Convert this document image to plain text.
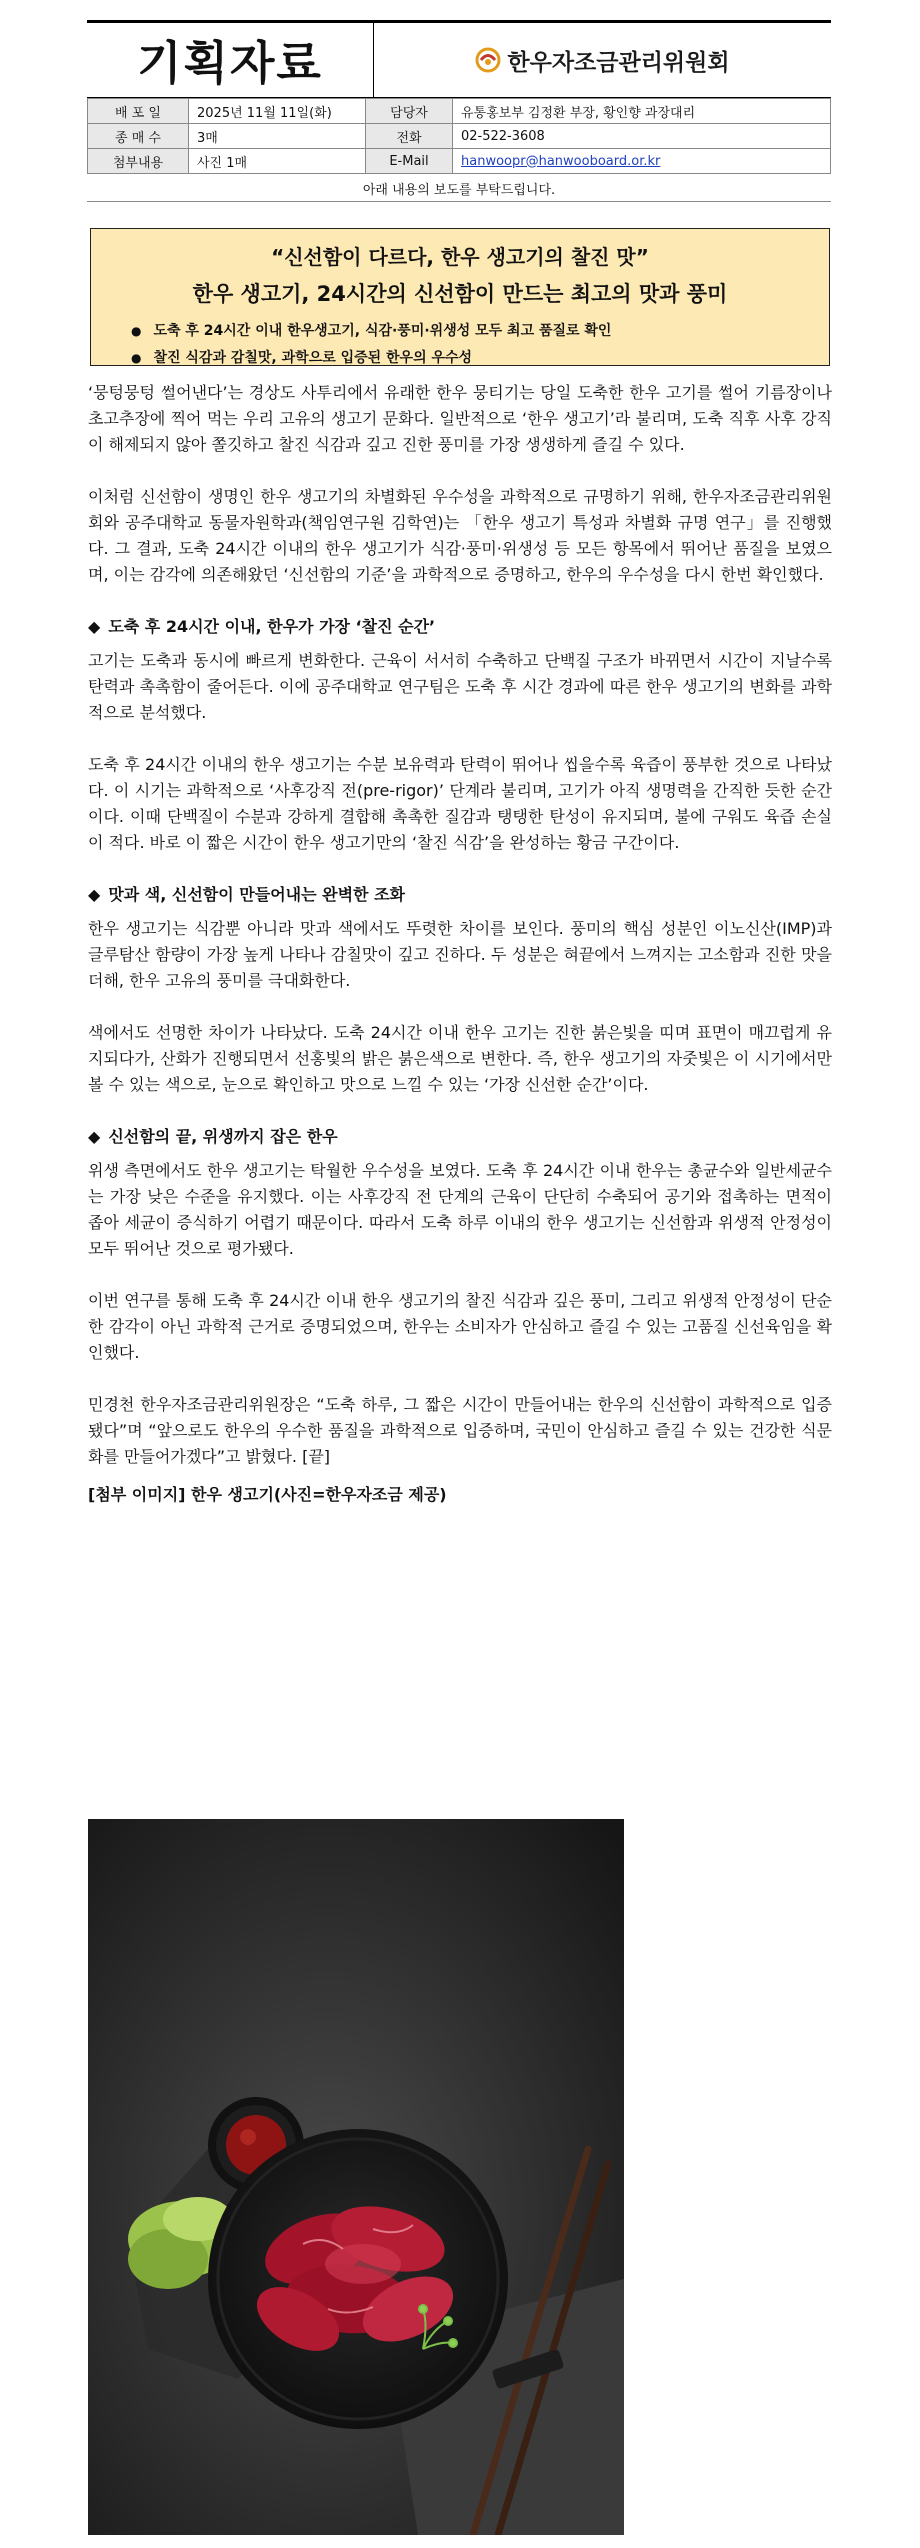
기획자료	한우자조금관리위원회
배 포 일	2025년 11월 11일(화)	담당자	유통홍보부 김정환 부장, 황인향 과장대리
종 매 수	3매	전화	02-522-3608
첨부내용	사진 1매	E-Mail	hanwoopr@hanwooboard.or.kr
아래 내용의 보도를 부탁드립니다.
“신선함이 다르다, 한우 생고기의 찰진 맛”
한우 생고기, 24시간의 신선함이 만드는 최고의 맛과 풍미
● 도축 후 24시간 이내 한우생고기, 식감·풍미·위생성 모두 최고 품질로 확인
● 찰진 식감과 감칠맛, 과학으로 입증된 한우의 우수성

‘뭉텅뭉텅 썰어낸다’는 경상도 사투리에서 유래한 한우 뭉티기는 당일 도축한 한우 고기를 썰어 기름장이나 초고추장에 찍어 먹는 우리 고유의 생고기 문화다. 일반적으로 ‘한우 생고기’라 불리며, 도축 직후 사후 강직이 해제되지 않아 쫄깃하고 찰진 식감과 깊고 진한 풍미를 가장 생생하게 즐길 수 있다.

이처럼 신선함이 생명인 한우 생고기의 차별화된 우수성을 과학적으로 규명하기 위해, 한우자조금관리위원회와 공주대학교 동물자원학과(책임연구원 김학연)는 「한우 생고기 특성과 차별화 규명 연구」를 진행했다. 그 결과, 도축 24시간 이내의 한우 생고기가 식감·풍미·위생성 등 모든 항목에서 뛰어난 품질을 보였으며, 이는 감각에 의존해왔던 ‘신선함의 기준’을 과학적으로 증명하고, 한우의 우수성을 다시 한번 확인했다.

◆ 도축 후 24시간 이내, 한우가 가장 ‘찰진 순간’

고기는 도축과 동시에 빠르게 변화한다. 근육이 서서히 수축하고 단백질 구조가 바뀌면서 시간이 지날수록 탄력과 촉촉함이 줄어든다. 이에 공주대학교 연구팀은 도축 후 시간 경과에 따른 한우 생고기의 변화를 과학적으로 분석했다.

도축 후 24시간 이내의 한우 생고기는 수분 보유력과 탄력이 뛰어나 씹을수록 육즙이 풍부한 것으로 나타났다. 이 시기는 과학적으로 ‘사후강직 전(pre-rigor)’ 단계라 불리며, 고기가 아직 생명력을 간직한 듯한 순간이다. 이때 단백질이 수분과 강하게 결합해 촉촉한 질감과 탱탱한 탄성이 유지되며, 불에 구워도 육즙 손실이 적다. 바로 이 짧은 시간이 한우 생고기만의 ‘찰진 식감’을 완성하는 황금 구간이다.

◆ 맛과 색, 신선함이 만들어내는 완벽한 조화

한우 생고기는 식감뿐 아니라 맛과 색에서도 뚜렷한 차이를 보인다. 풍미의 핵심 성분인 이노신산(IMP)과 글루탐산 함량이 가장 높게 나타나 감칠맛이 깊고 진하다. 두 성분은 혀끝에서 느껴지는 고소함과 진한 맛을 더해, 한우 고유의 풍미를 극대화한다.

색에서도 선명한 차이가 나타났다. 도축 24시간 이내 한우 고기는 진한 붉은빛을 띠며 표면이 매끄럽게 유지되다가, 산화가 진행되면서 선홍빛의 밝은 붉은색으로 변한다. 즉, 한우 생고기의 자줏빛은 이 시기에서만 볼 수 있는 색으로, 눈으로 확인하고 맛으로 느낄 수 있는 ‘가장 신선한 순간’이다.

◆ 신선함의 끝, 위생까지 잡은 한우

위생 측면에서도 한우 생고기는 탁월한 우수성을 보였다. 도축 후 24시간 이내 한우는 총균수와 일반세균수는 가장 낮은 수준을 유지했다. 이는 사후강직 전 단계의 근육이 단단히 수축되어 공기와 접촉하는 면적이 좁아 세균이 증식하기 어렵기 때문이다. 따라서 도축 하루 이내의 한우 생고기는 신선함과 위생적 안정성이 모두 뛰어난 것으로 평가됐다.

이번 연구를 통해 도축 후 24시간 이내 한우 생고기의 찰진 식감과 깊은 풍미, 그리고 위생적 안정성이 단순한 감각이 아닌 과학적 근거로 증명되었으며, 한우는 소비자가 안심하고 즐길 수 있는 고품질 신선육임을 확인했다.

민경천 한우자조금관리위원장은 “도축 하루, 그 짧은 시간이 만들어내는 한우의 신선함이 과학적으로 입증됐다”며 “앞으로도 한우의 우수한 품질을 과학적으로 입증하며, 국민이 안심하고 즐길 수 있는 건강한 식문화를 만들어가겠다”고 밝혔다. [끝]

[첨부 이미지] 한우 생고기(사진=한우자조금 제공)
